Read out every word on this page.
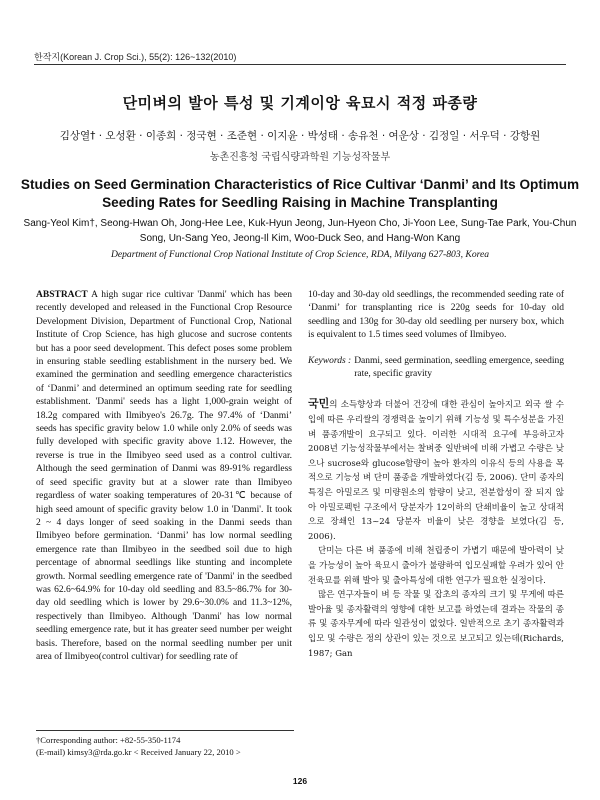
한작지(Korean J. Crop Sci.), 55(2): 126~132(2010)
단미벼의 발아 특성 및 기계이앙 육묘시 적정 파종량
김상열† · 오성환 · 이종희 · 정국현 · 조준현 · 이지윤 · 박성태 · 송유천 · 여운상 · 김정일 · 서우덕 · 강항원
농촌진흥청 국립식량과학원 기능성작물부
Studies on Seed Germination Characteristics of Rice Cultivar ‘Danmi’ and Its Optimum Seeding Rates for Seedling Raising in Machine Transplanting
Sang-Yeol Kim†, Seong-Hwan Oh, Jong-Hee Lee, Kuk-Hyun Jeong, Jun-Hyeon Cho, Ji-Yoon Lee, Sung-Tae Park, You-Chun Song, Un-Sang Yeo, Jeong-Il Kim, Woo-Duck Seo, and Hang-Won Kang
Department of Functional Crop National Institute of Crop Science, RDA, Milyang 627-803, Korea
ABSTRACT A high sugar rice cultivar 'Danmi' which has been recently developed and released in the Functional Crop Resource Development Division, Department of Functional Crop, National Institute of Crop Science, has high glucose and sucrose contents but has a poor seed development. This defect poses some problem in ensuring stable seedling establishment in the nursery bed. We examined the germination and seedling emergence characteristics of ‘Danmi’ and determined an optimum seeding rate for seedling establishment. 'Danmi' seeds has a light 1,000-grain weight of 18.2g compared with Ilmibyeo's 26.7g. The 97.4% of ‘Danmi’ seeds has specific gravity below 1.0 while only 2.0% of seeds was fully developed with specific gravity above 1.12. However, the reverse is true in the Ilmibyeo seed used as a control cultivar. Although the seed germination of Danmi was 89-91% regardless of seed specific gravity but at a slower rate than Ilmibyeo regardless of water soaking temperatures of 20-31℃ because of high seed amount of specific gravity below 1.0 in 'Danmi'. It took 2 ~ 4 days longer of seed soaking in the Danmi seeds than Ilmibyeo before germination. ‘Danmi’ has low normal seedling emergence rate than Ilmibyeo in the seedbed soil due to high percentage of abnormal seedlings like stunting and incomplete growth. Normal seedling emergence rate of 'Danmi' in the seedbed was 62.6~64.9% for 10-day old seedling and 83.5~86.7% for 30-day old seedling which is lower by 29.6~30.0% and 11.3~12%, respectively than Ilmibyeo. Although 'Danmi' has low normal seedling emergence rate, but it has greater seed number per weight basis. Therefore, based on the normal seedling number per unit area of Ilmibyeo(control cultivar) for seedling rate of
10-day and 30-day old seedlings, the recommended seeding rate of ‘Danmi’ for transplanting rice is 220g seeds for 10-day old seedling and 130g for 30-day old seedling per nursery box, which is equivalent to 1.5 times seed volumes of Ilmibyeo.
Keywords : Danmi, seed germination, seedling emergence, seeding rate, specific gravity

국민의 소득향상과 더불어 건강에 대한 관심이 높아지고 외국 쌀 수입에 따른 우리쌀의 경쟁력을 높이기 위해 기능성 및 특수성분을 가진 벼 품종개발이 요구되고 있다. 이러한 시대적 요구에 부응하고자 2008년 기능성작물부에서는 찰벼중 일반벼에 비해 가볍고 수량은 낮으나 sucrose와 glucose함량이 높아 환자의 이유식 등의 사용을 목적으로 기능성 벼 단미 품종을 개발하였다(김 등, 2006). 단미 종자의 특징은 아밀로즈 및 미량원소의 함량이 낮고, 전분합성이 잘 되지 않아 아밀로펙틴 구조에서 당분자가 12이하의 단쇄비율이 높고 상대적으로 장쇄인 13~24 당분자 비율이 낮은 경향을 보였다(김 등, 2006).

단미는 다른 벼 품종에 비해 천립중이 가볍기 때문에 발아력이 낮을 가능성이 높아 육묘시 출아가 불량하여 입모실패할 우려가 있어 안전육묘를 위해 발아 및 출아특성에 대한 연구가 필요한 실정이다.

많은 연구자들이 벼 등 작물 및 잡초의 종자의 크기 및 무게에 따른 발아율 및 종자활력의 영향에 대한 보고를 하였는데 결과는 작물의 종류 및 종자무게에 따라 일관성이 없었다. 일반적으로 초기 종자활력과 입모 및 수량은 정의 상관이 있는 것으로 보고되고 있는데(Richards, 1987; Gan

†Corresponding author: +82-55-350-1174
(E-mail) kimsy3@rda.go.kr < Received January 22, 2010 >
126
